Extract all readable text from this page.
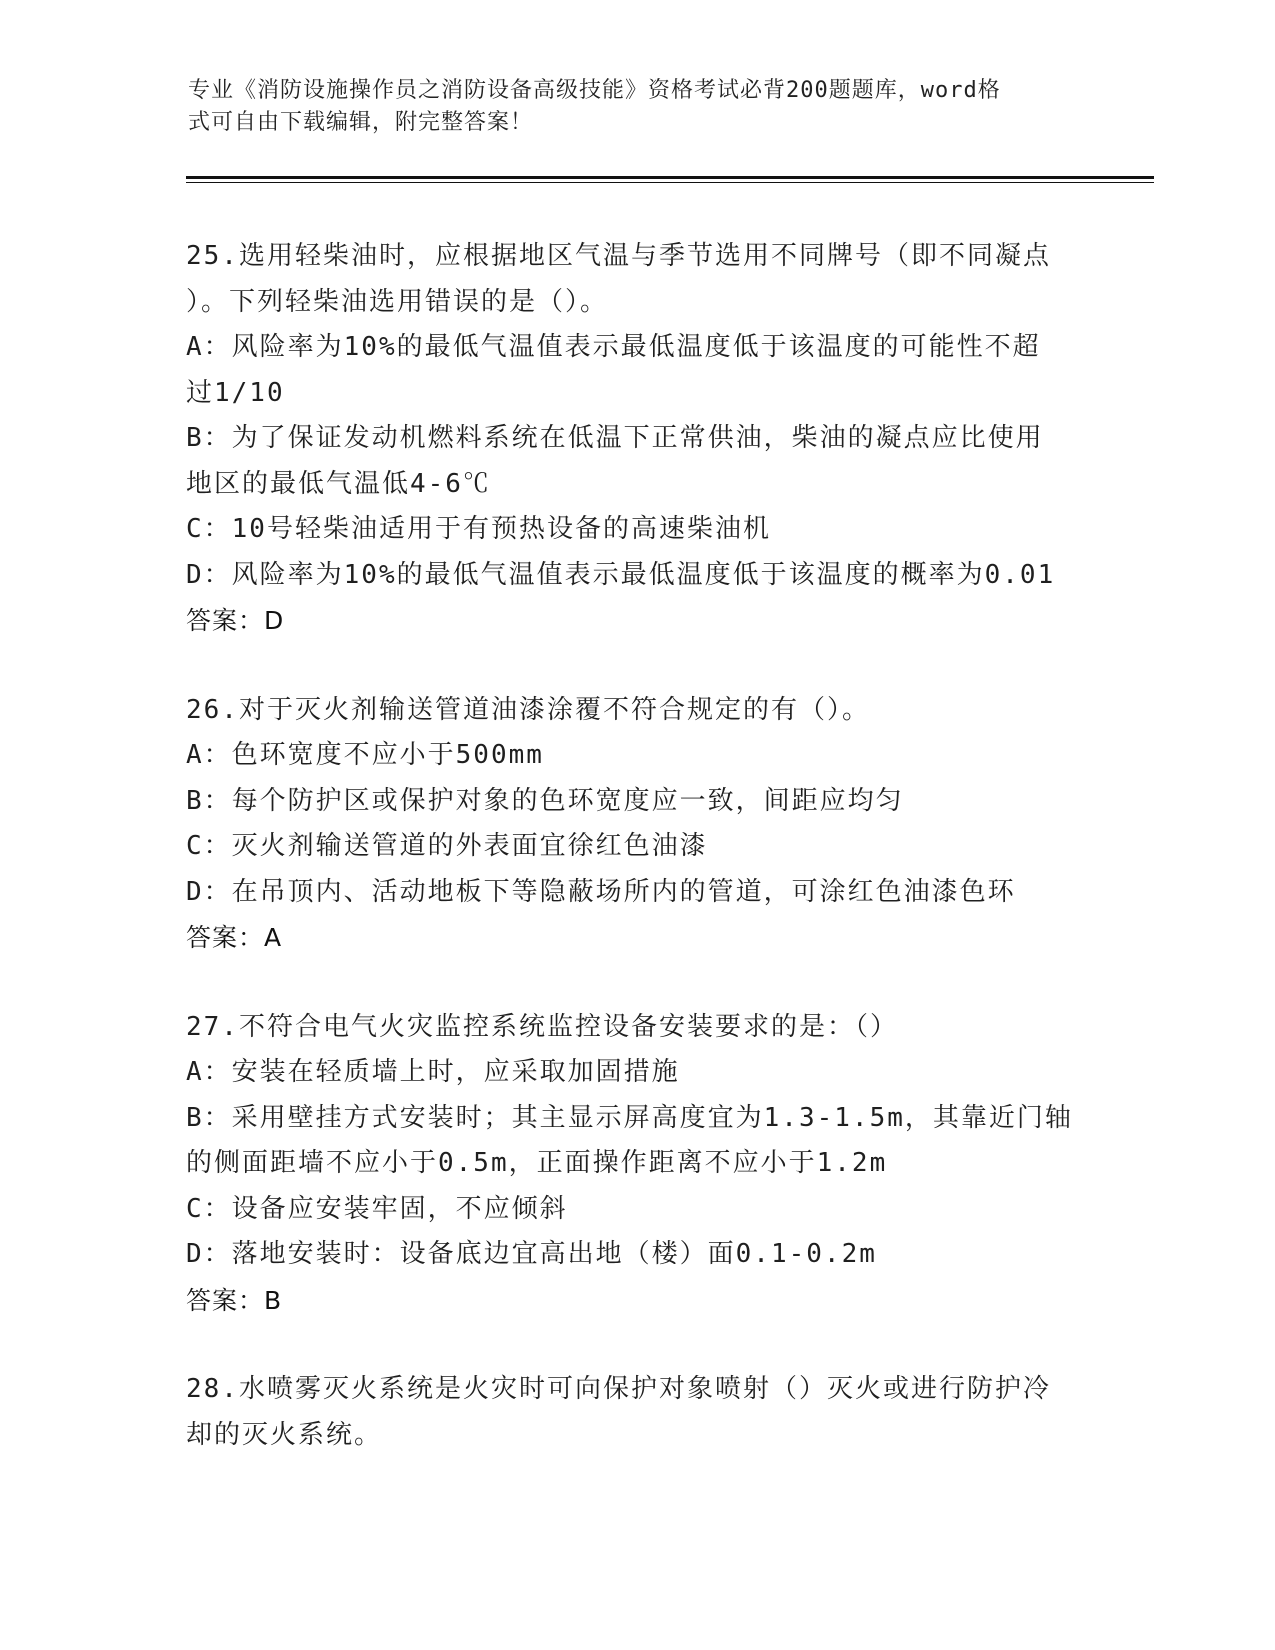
专业《消防设施操作员之消防设备高级技能》资格考试必背200题题库，word格
式可自由下载编辑，附完整答案！
25.选用轻柴油时，应根据地区气温与季节选用不同牌号（即不同凝点
）。下列轻柴油选用错误的是（）。
A：风险率为10%的最低气温值表示最低温度低于该温度的可能性不超
过1/10
B：为了保证发动机燃料系统在低温下正常供油，柴油的凝点应比使用
地区的最低气温低4-6℃
C：10号轻柴油适用于有预热设备的高速柴油机
D：风险率为10%的最低气温值表示最低温度低于该温度的概率为0.01
答案：D
26.对于灭火剂输送管道油漆涂覆不符合规定的有（）。
A：色环宽度不应小于500mm
B：每个防护区或保护对象的色环宽度应一致，间距应均匀
C：灭火剂输送管道的外表面宜徐红色油漆
D：在吊顶内、活动地板下等隐蔽场所内的管道，可涂红色油漆色环
答案：A
27.不符合电气火灾监控系统监控设备安装要求的是：（）
A：安装在轻质墙上时，应采取加固措施
B：采用壁挂方式安装时；其主显示屏高度宜为1.3-1.5m，其靠近门轴
的侧面距墙不应小于0.5m，正面操作距离不应小于1.2m
C：设备应安装牢固，不应倾斜
D：落地安装时：设备底边宜高出地（楼）面0.1-0.2m
答案：B
28.水喷雾灭火系统是火灾时可向保护对象喷射（）灭火或进行防护冷
却的灭火系统。
